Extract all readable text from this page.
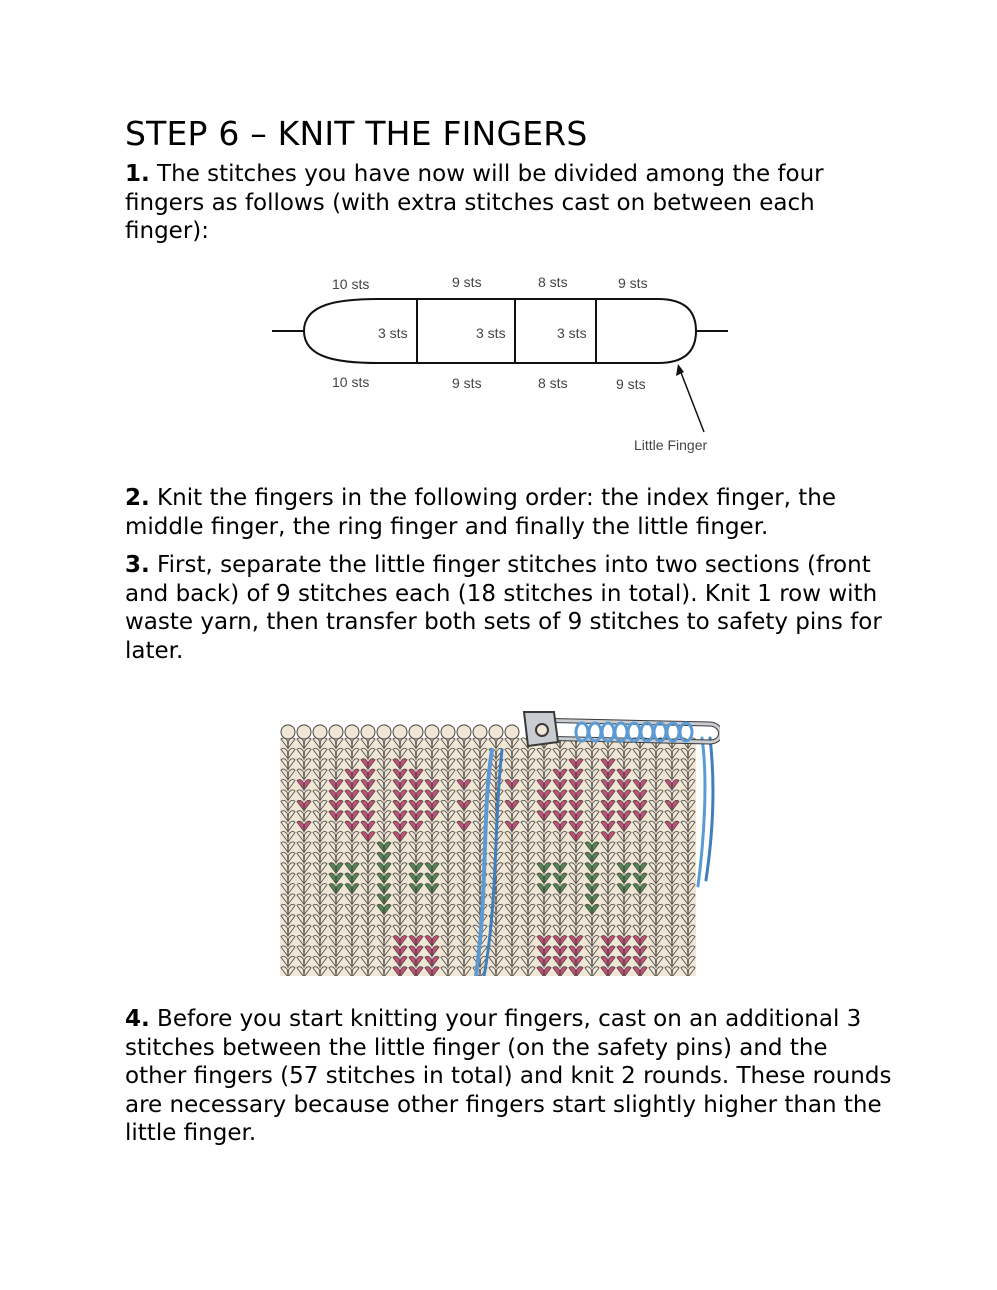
STEP 6 – KNIT THE FINGERS

1. The stitches you have now will be divided among the four fingers as follows (with extra stitches cast on between each finger):

10 sts	9 sts	8 sts	9 sts
3 sts	3 sts	3 sts
10 sts	9 sts	8 sts	9 sts
Little Finger

2. Knit the fingers in the following order: the index finger, the middle finger, the ring finger and finally the little finger.

3. First, separate the little finger stitches into two sections (front and back) of 9 stitches each (18 stitches in total). Knit 1 row with waste yarn, then transfer both sets of 9 stitches to safety pins for later.

4. Before you start knitting your fingers, cast on an additional 3 stitches between the little finger (on the safety pins) and the other fingers (57 stitches in total) and knit 2 rounds. These rounds are necessary because other fingers start slightly higher than the little finger.
